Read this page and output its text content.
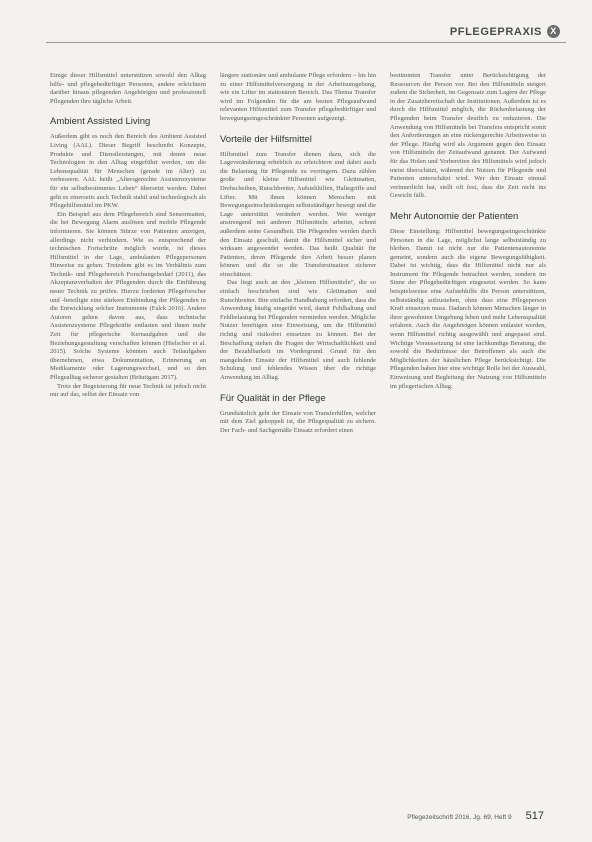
PFLEGEPRAXIS X

Einige dieser Hilfsmittel unterstützen sowohl den Alltag hilfe- und pflegebedürftiger Personen, andere erleichtern darüber hinaus pflegenden Angehörigen und professionell Pflegenden ihre tägliche Arbeit.

Ambient Assisted Living

Außerdem gibt es noch den Bereich des Ambient Assisted Living (AAL). Dieser Begriff beschreibt Konzepte, Produkte und Dienstleistungen, mit denen neue Technologien in den Alltag eingeführt werden, um die Lebensqualität für Menschen (gerade im Alter) zu verbessern. AAL heißt „Altersgerechte Assistenzsysteme für ein selbstbestimmtes Leben“ übersetzt werden. Dabei geht es einerseits auch Technik stabil und technologisch als Pflegehilfsmittel im PKW.

Ein Beispiel aus dem Pflegebereich sind Sensormatten, die bei Bewegung Alarm auslösen und mobile Pflegende informieren. Sie können Stürze von Patienten anzeigen, allerdings nicht verhindern. Wie es entsprechend der technischen Fortschritte möglich wurde, ist dieses Hilfsmittel in der Lage, ambulanten Pflegepersonen Hinweise zu geben. Trotzdem gibt es im Verhältnis zum Technik- und Pflegebereich Forschungsbedarf (2011), das Akzeptanzverhalten der Pflegenden durch die Einführung neuer Technik zu prüfen. Hierzu forderten Pflegeforscher und -beteiligte eine stärkere Einbindung der Pflegenden in die Entwicklung solcher Instrumente (Falck 2016). Andere Autoren gehen davon aus, dass technische Assistenzsysteme Pflegekräfte entlasten und ihnen mehr Zeit für pflegerische Kernaufgaben und die Beziehungsgestaltung verschaffen können (Hielscher et al. 2015). Solche Systeme könnten auch Teilaufgaben übernehmen, etwa Dokumentation, Erinnerung an Medikamente oder Lagerungswechsel, und so den Pflegealltag sicherer gestalten (Bräutigam 2017).

Trotz der Begeisterung für neue Technik ist jedoch nicht nur auf das, selbst der Einsatz von

längere stationäre und ambulante Pflege erfordern – bis hin zu einer Hilfsmittelversorgung in der Arbeitsumgebung, wie ein Lifter im stationären Bereich. Das Thema Transfer wird im Folgenden für die am besten Pflegeaufwand relevanten Hilfsmittel zum Transfer pflegebedürftiger und bewegungseingeschränkter Personen aufgezeigt.

Vorteile der Hilfsmittel

Hilfsmittel zum Transfer dienen dazu, sich die Lageveränderung erheblich zu erleichtern und dabei auch die Belastung für Pflegende zu verringern. Dazu zählen große und kleine Hilfsmittel wie Gleitmatten, Drehscheiben, Rutschbretter, Aufstehhilfen, Haltegriffe und Lifter. Mit ihnen können Menschen mit Bewegungseinschränkungen selbstständiger bewegt und die Lage unterstützt verändert werden. Wer weniger anstrengend mit anderen Hilfsmitteln arbeitet, schont außerdem seine Gesundheit. Die Pflegenden werden durch den Einsatz geschult, damit die Hilfsmittel sicher und wirksam angewendet werden. Das heißt Qualität für Patienten, deren Pflegende ihre Arbeit besser planen können und die so die Transfersituation sicherer einschätzen.

Das liegt auch an den „kleinen Hilfsmitteln“, die so einfach beschrieben sind wie Gleitmatten und Rutschbretter. Ihre einfache Handhabung erfordert, dass die Anwendung häufig eingeübt wird, damit Fehlhaltung und Fehlbelastung bei Pflegenden vermieden werden. Mögliche Nutzer benötigen eine Einweisung, um die Hilfsmittel richtig und risikofrei einsetzen zu können. Bei der Beschaffung stehen die Fragen der Wirtschaftlichkeit und der Bezahlbarkeit im Vordergrund. Grund für den mangelnden Einsatz der Hilfsmittel sind auch fehlende Schulung und fehlendes Wissen über die richtige Anwendung im Alltag.

Für Qualität in der Pflege

Grundsätzlich geht der Einsatz von Transferhilfen, welcher mit dem Ziel gekoppelt ist, die Pflegequalität zu sichern. Der Fach- und Sachgemäße Einsatz erfordert einen

bestimmten Transfer unter Berücksichtigung der Ressourcen der Person vor. Bei den Hilfsmitteln steigert zudem die Sicherheit, im Gegensatz zum Lagern der Pflege in der Zusatzbereitschaft der Institutionen. Außerdem ist es durch die Hilfsmittel möglich, die Rückenbelastung der Pflegenden beim Transfer deutlich zu reduzieren. Die Anwendung von Hilfsmitteln bei Transfers entspricht somit den Anforderungen an eine rückengerechte Arbeitsweise in der Pflege. Häufig wird als Argument gegen den Einsatz von Hilfsmitteln der Zeitaufwand genannt. Der Aufwand für das Holen und Vorbereiten des Hilfsmittels wird jedoch meist überschätzt, während der Nutzen für Pflegende und Patienten unterschätzt wird. Wer den Einsatz einmal verinnerlicht hat, stellt oft fest, dass die Zeit nicht ins Gewicht fällt.

Mehr Autonomie der Patienten

Diese Einstellung: Hilfsmittel bewegungseingeschränkte Personen in die Lage, möglichst lange selbstständig zu bleiben. Damit ist nicht nur die Patientenautonomie gemeint, sondern auch die eigene Bewegungsfähigkeit. Dabei ist wichtig, dass die Hilfsmittel nicht nur als Instrument für Pflegende betrachtet werden, sondern im Sinne der Pflegebedürftigen eingesetzt werden. So kann beispielsweise eine Aufstehhilfe die Person unterstützen, selbstständig aufzustehen, ohne dass eine Pflegeperson Kraft einsetzen muss. Dadurch können Menschen länger in ihrer gewohnten Umgebung leben und mehr Lebensqualität erfahren. Auch die Angehörigen können entlastet werden, wenn Hilfsmittel richtig ausgewählt und angepasst sind. Wichtige Voraussetzung ist eine fachkundige Beratung, die sowohl die Bedürfnisse der Betroffenen als auch die Möglichkeiten der häuslichen Pflege berücksichtigt. Die Pflegenden haben hier eine wichtige Rolle bei der Auswahl, Einweisung und Begleitung der Nutzung von Hilfsmitteln im pflegerischen Alltag.

Pflegezeitschrift 2016, Jg. 69, Heft 9 517
